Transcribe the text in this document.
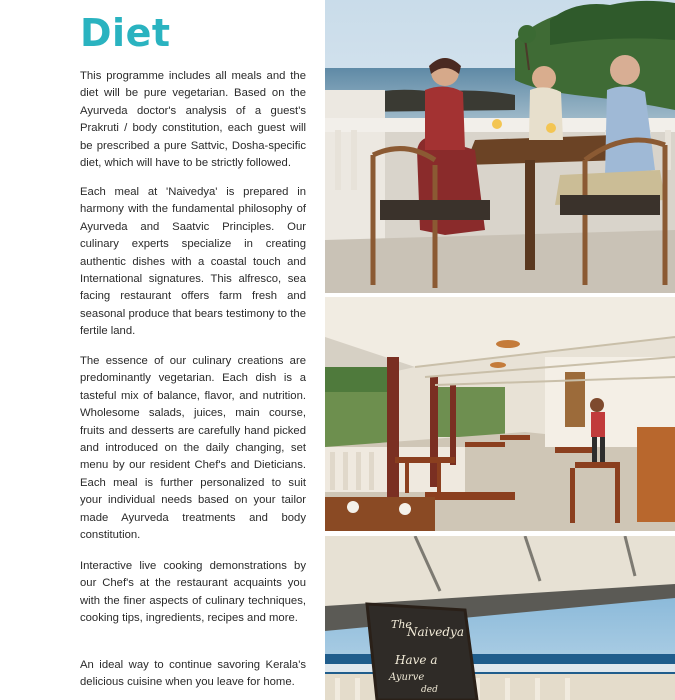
Diet

This programme includes all meals and the diet will be pure vegetarian. Based on the Ayurveda doctor's analysis of a guest's Prakruti / body constitution, each guest will be prescribed a pure Sattvic, Dosha-specific diet, which will have to be strictly followed.

Each meal at 'Naivedya' is prepared in harmony with the fundamental philosophy of Ayurveda and Saatvic Principles. Our culinary experts specialize in creating authentic dishes with a coastal touch and International signatures. This alfresco, sea facing restaurant offers farm fresh and seasonal produce that bears testimony to the fertile land.

The essence of our culinary creations are predominantly vegetarian. Each dish is a tasteful mix of balance, flavor, and nutrition. Wholesome salads, juices, main course, fruits and desserts are carefully hand picked and introduced on the daily changing, set menu by our resident Chef's and Dieticians. Each meal is further personalized to suit your individual needs based on your tailor made Ayurveda treatments and body constitution.

Interactive live cooking demonstrations by our Chef's at the restaurant acquaints you with the finer aspects of culinary techniques, cooking tips, ingredients, recipes and more.

An ideal way to continue savoring Kerala's delicious cuisine when you leave for home.

The
Naivedya
Have a
Ayurve
ded
